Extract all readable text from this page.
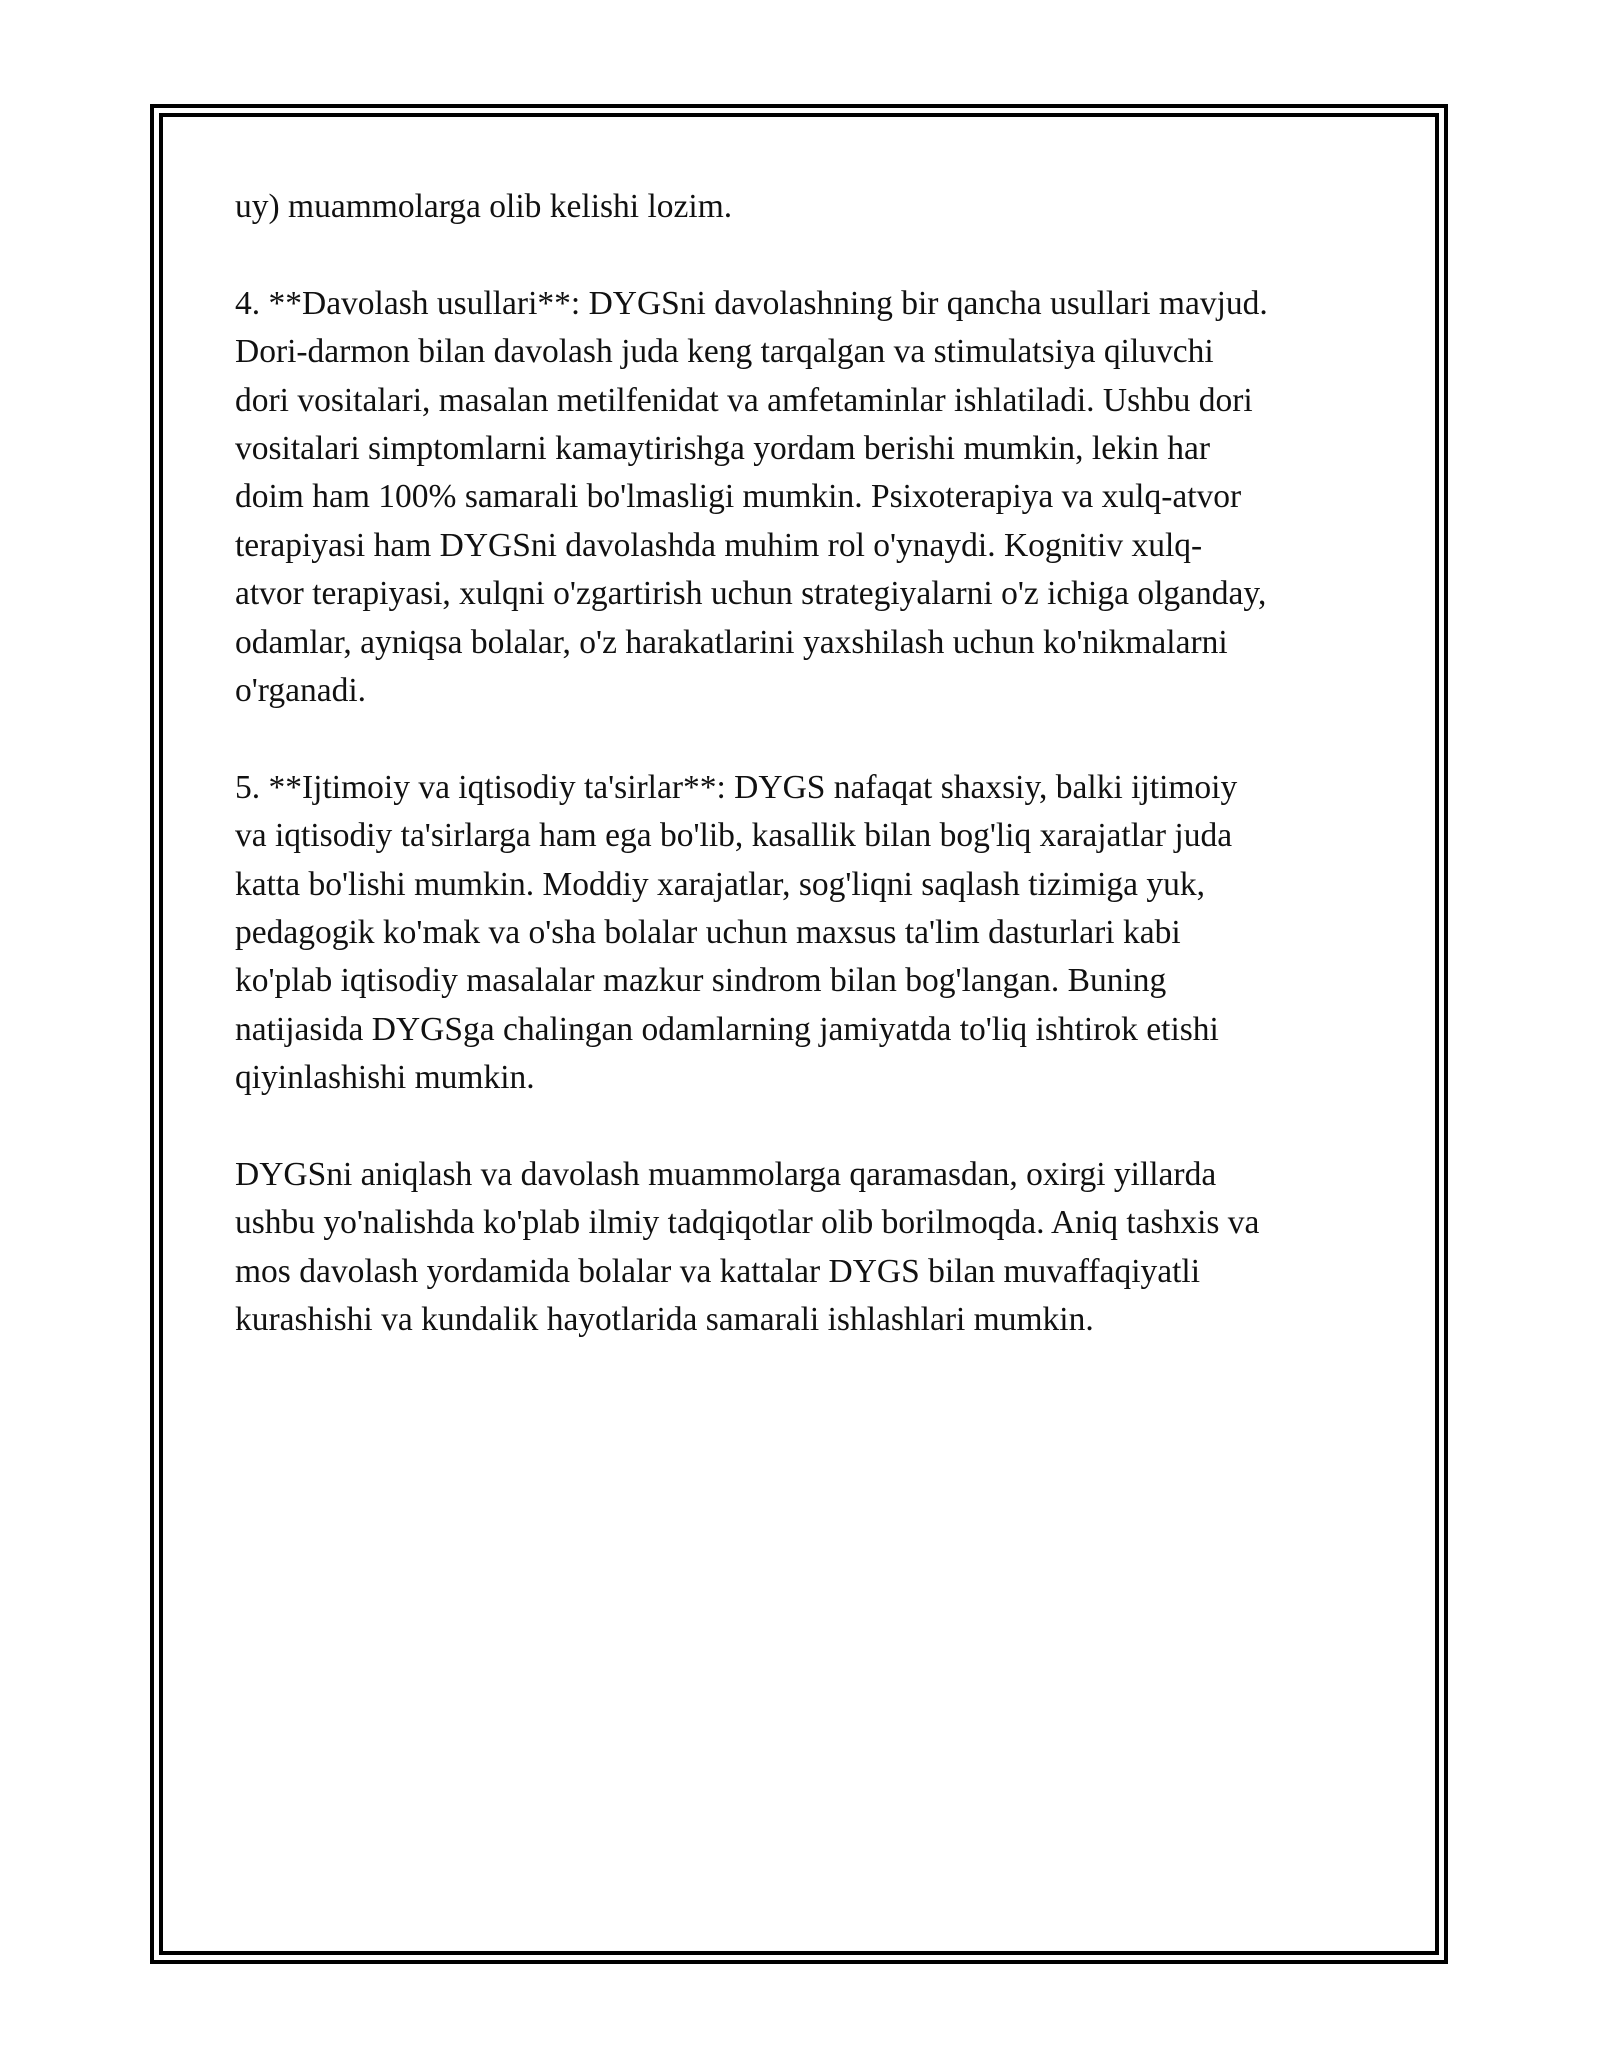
uy) muammolarga olib kelishi lozim.

4. **Davolash usullari**: DYGSni davolashning bir qancha usullari mavjud.
Dori-darmon bilan davolash juda keng tarqalgan va stimulatsiya qiluvchi
dori vositalari, masalan metilfenidat va amfetaminlar ishlatiladi. Ushbu dori
vositalari simptomlarni kamaytirishga yordam berishi mumkin, lekin har
doim ham 100% samarali bo'lmasligi mumkin. Psixoterapiya va xulq-atvor
terapiyasi ham DYGSni davolashda muhim rol o'ynaydi. Kognitiv xulq-
atvor terapiyasi, xulqni o'zgartirish uchun strategiyalarni o'z ichiga olganday,
odamlar, ayniqsa bolalar, o'z harakatlarini yaxshilash uchun ko'nikmalarni
o'rganadi.

5. **Ijtimoiy va iqtisodiy ta'sirlar**: DYGS nafaqat shaxsiy, balki ijtimoiy
va iqtisodiy ta'sirlarga ham ega bo'lib, kasallik bilan bog'liq xarajatlar juda
katta bo'lishi mumkin. Moddiy xarajatlar, sog'liqni saqlash tizimiga yuk,
pedagogik ko'mak va o'sha bolalar uchun maxsus ta'lim dasturlari kabi
ko'plab iqtisodiy masalalar mazkur sindrom bilan bog'langan. Buning
natijasida DYGSga chalingan odamlarning jamiyatda to'liq ishtirok etishi
qiyinlashishi mumkin.

DYGSni aniqlash va davolash muammolarga qaramasdan, oxirgi yillarda
ushbu yo'nalishda ko'plab ilmiy tadqiqotlar olib borilmoqda. Aniq tashxis va
mos davolash yordamida bolalar va kattalar DYGS bilan muvaffaqiyatli
kurashishi va kundalik hayotlarida samarali ishlashlari mumkin.
